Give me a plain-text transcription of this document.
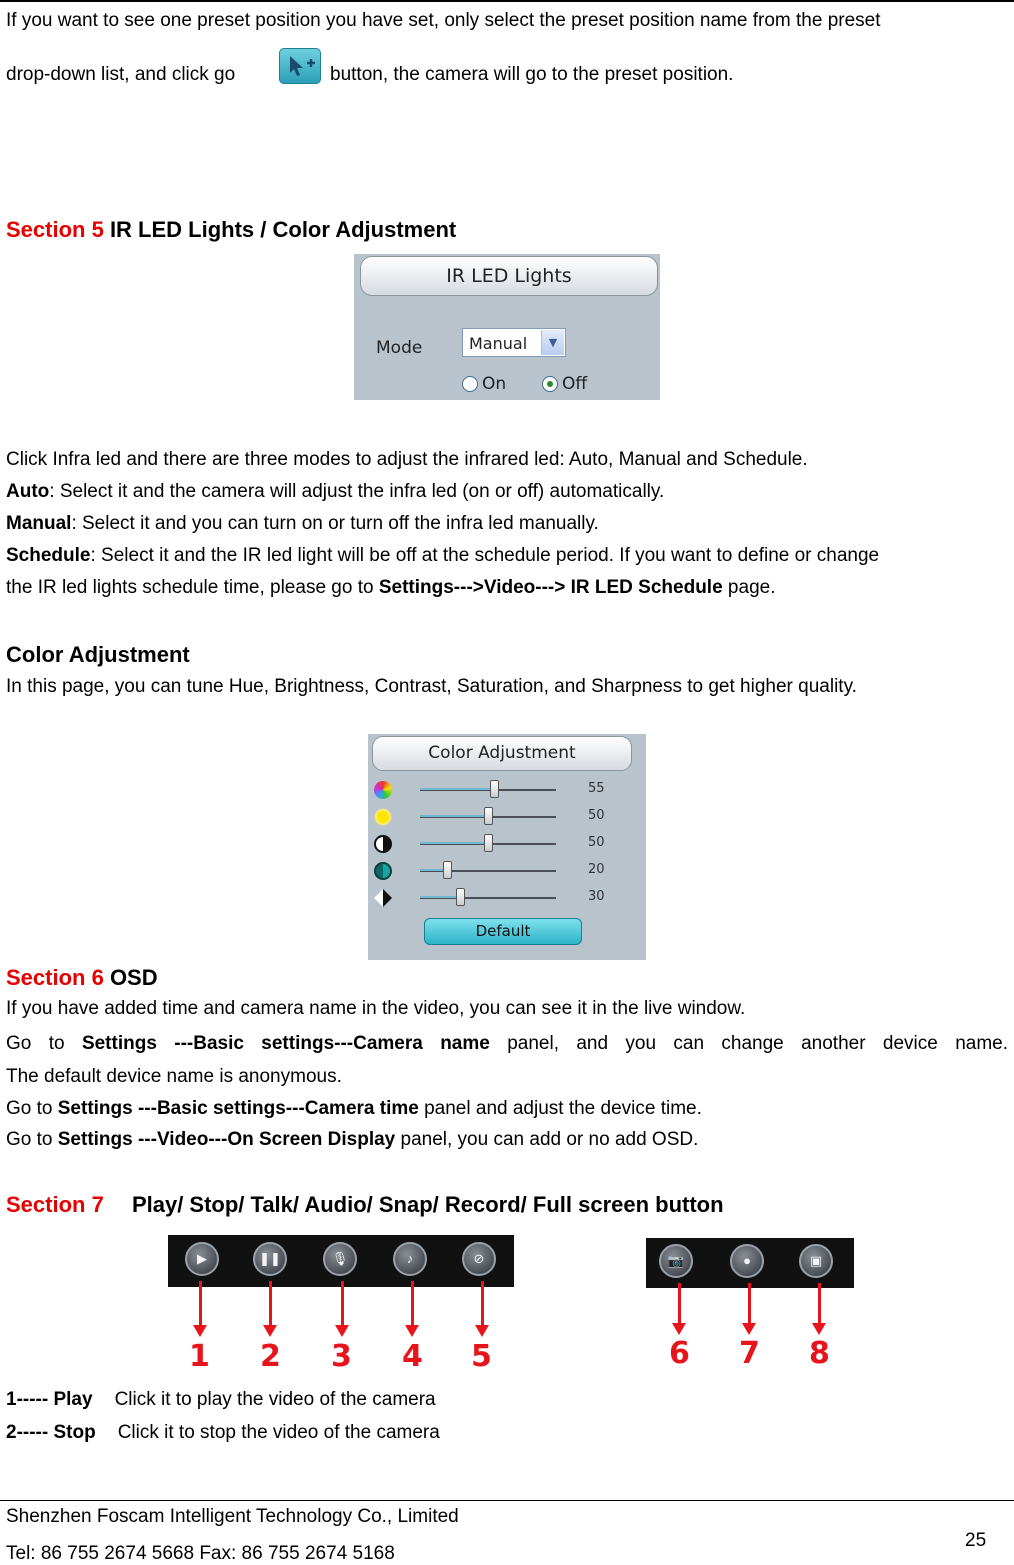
If you want to see one preset position you have set, only select the preset position name from the preset
drop-down list, and click go	button, the camera will go to the preset position.
Section 5 IR LED Lights / Color Adjustment
IR LED Lights
Mode	Manual	▼
On	Off
Click Infra led and there are three modes to adjust the infrared led: Auto, Manual and Schedule.
Auto: Select it and the camera will adjust the infra led (on or off) automatically.
Manual: Select it and you can turn on or turn off the infra led manually.
Schedule: Select it and the IR led light will be off at the schedule period. If you want to define or change
the IR led lights schedule time, please go to Settings--->Video---> IR LED Schedule page.
Color Adjustment
In this page, you can tune Hue, Brightness, Contrast, Saturation, and Sharpness to get higher quality.
Color Adjustment
55
50
50
20
30
Default
Section 6 OSD
If you have added time and camera name in the video, you can see it in the live window.
Go to Settings ---Basic settings---Camera name panel, and you can change another device name.
The default device name is anonymous.
Go to Settings ---Basic settings---Camera time panel and adjust the device time.
Go to Settings ---Video---On Screen Display panel, you can add or no add OSD.
Section 7 Play/ Stop/ Talk/ Audio/ Snap/ Record/ Full screen button
▶	❚❚	🎙	♪	⊘	📷	●	▣
1 2 3 4 5	6 7 8
1----- Play Click it to play the video of the camera
2----- Stop Click it to stop the video of the camera
Shenzhen Foscam Intelligent Technology Co., Limited
Tel: 86 755 2674 5668 Fax: 86 755 2674 5168
25
